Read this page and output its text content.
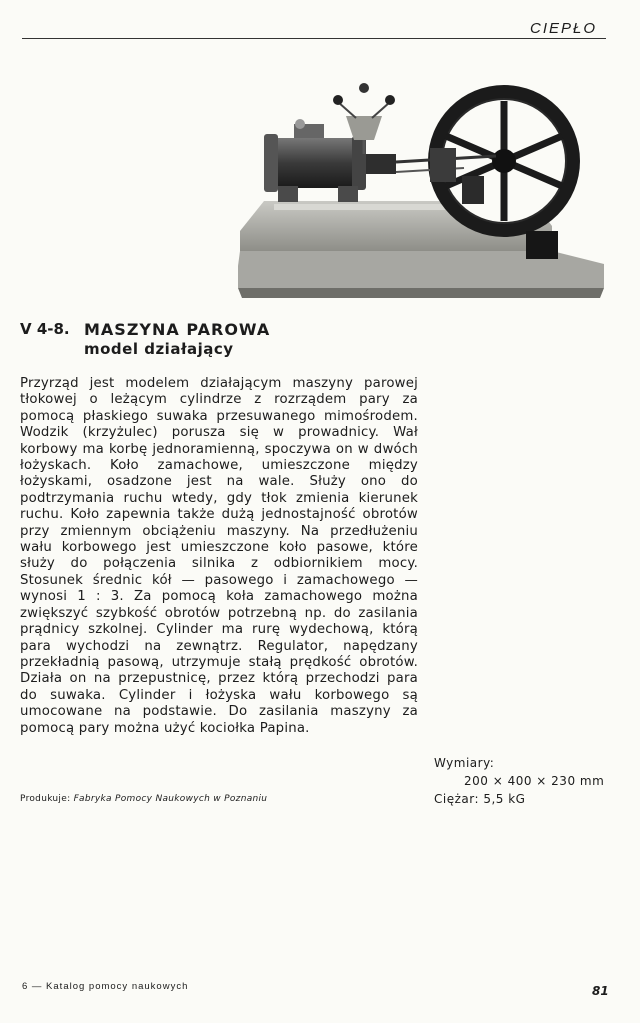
CIEPŁO
V 4-8. MASZYNA PAROWA
model działający
Przyrząd jest modelem działającym maszyny parowej tłokowej o leżącym cylindrze z rozrządem pary za pomocą płaskiego suwaka przesuwanego mimośrodem. Wodzik (krzyżulec) porusza się w prowadnicy. Wał korbowy ma korbę jednoramienną, spoczywa on w dwóch łożyskach. Koło zamachowe, umieszczone między łożyskami, osadzone jest na wale. Służy ono do podtrzymania ruchu wtedy, gdy tłok zmienia kierunek ruchu. Koło zapewnia także dużą jednostajność obrotów przy zmiennym obciążeniu maszyny. Na przedłużeniu wału korbowego jest umieszczone koło pasowe, które służy do połączenia silnika z odbiornikiem mocy. Stosunek średnic kół — pasowego i zamachowego — wynosi 1 : 3. Za pomocą koła zamachowego można zwiększyć szybkość obrotów potrzebną np. do zasilania prądnicy szkolnej. Cylinder ma rurę wydechową, którą para wychodzi na zewnątrz. Regulator, napędzany przekładnią pasową, utrzymuje stałą prędkość obrotów. Działa on na przepustnicę, przez którą przechodzi para do suwaka. Cylinder i łożyska wału korbowego są umocowane na podstawie. Do zasilania maszyny za pomocą pary można użyć kociołka Papina.
Wymiary:
200 × 400 × 230 mm
Ciężar: 5,5 kG
Produkuje: Fabryka Pomocy Naukowych w Poznaniu
6 — Katalog pomocy naukowych	81
